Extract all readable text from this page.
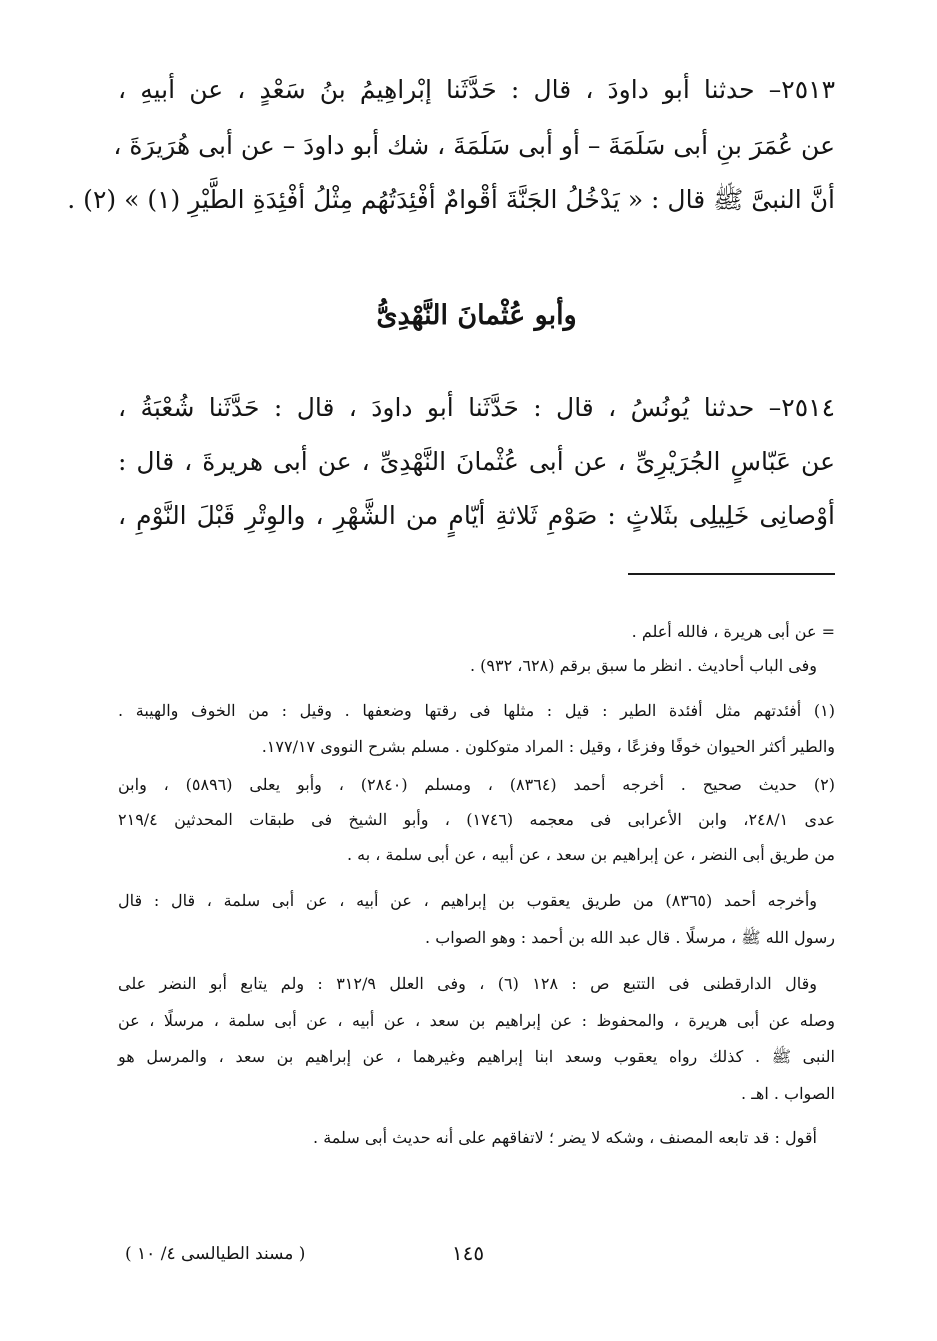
٢٥١٣– حدثنا أبو داودَ ، قال : حَدَّثَنا إبْراهِيمُ بنُ سَعْدٍ ، عن أبيهِ ،
عن عُمَرَ بنِ أبى سَلَمَةَ – أو أبى سَلَمَةَ ، شك أبو داودَ – عن أبى هُرَيرَةَ ،
أنَّ النبىَّ ﷺ قال : « يَدْخُلُ الجَنَّةَ أقْوامٌ أفْئِدَتُهُم مِثْلُ أفْئِدَةِ الطَّيْرِ (١) » (٢) .
وأبو عُثْمانَ النَّهْدِىُّ
٢٥١٤– حدثنا يُونُسُ ، قال : حَدَّثَنا أبو داودَ ، قال : حَدَّثَنا شُعْبَةُ ،
عن عَبّاسٍ الجُرَيْرِىِّ ، عن أبى عُثْمانَ النَّهْدِىِّ ، عن أبى هريرةَ ، قال :
أوْصانِى خَلِيلِى بثَلاثٍ : صَوْمِ ثَلاثةِ أيّامٍ من الشَّهْرِ ، والوِتْرِ قَبْلَ النَّوْمِ ،
= عن أبى هريرة ، فالله أعلم .
وفى الباب أحاديث . انظر ما سبق برقم (٦٢٨، ٩٣٢) .
(١) أفئدتهم مثل أفئدة الطير : قيل : مثلها فى رقتها وضعفها . وقيل : من الخوف والهيبة .
والطير أكثر الحيوان خوفًا وفزعًا ، وقيل : المراد متوكلون . مسلم بشرح النووى ١٧٧/١٧.
(٢) حديث صحيح . أخرجه أحمد (٨٣٦٤) ، ومسلم (٢٨٤٠) ، وأبو يعلى (٥٨٩٦) ، وابن
عدى ٢٤٨/١، وابن الأعرابى فى معجمه (١٧٤٦) ، وأبو الشيخ فى طبقات المحدثين ٢١٩/٤
من طريق أبى النضر ، عن إبراهيم بن سعد ، عن أبيه ، عن أبى سلمة ، به .
وأخرجه أحمد (٨٣٦٥) من طريق يعقوب بن إبراهيم ، عن أبيه ، عن أبى سلمة ، قال : قال
رسول الله ﷺ ، مرسلًا . قال عبد الله بن أحمد : وهو الصواب .
وقال الدارقطنى فى التتبع ص : ١٢٨ (٦) ، وفى العلل ٣١٢/٩ : ولم يتابع أبو النضر على
وصله عن أبى هريرة ، والمحفوظ : عن إبراهيم بن سعد ، عن أبيه ، عن أبى سلمة ، مرسلًا ، عن
النبى ﷺ . كذلك رواه يعقوب وسعد ابنا إبراهيم وغيرهما ، عن إبراهيم بن سعد ، والمرسل هو
الصواب . اهـ .
أقول : قد تابعه المصنف ، وشكه لا يضر ؛ لاتفاقهم على أنه حديث أبى سلمة .
١٤٥
( مسند الطيالسى ٤/ ١٠ )
